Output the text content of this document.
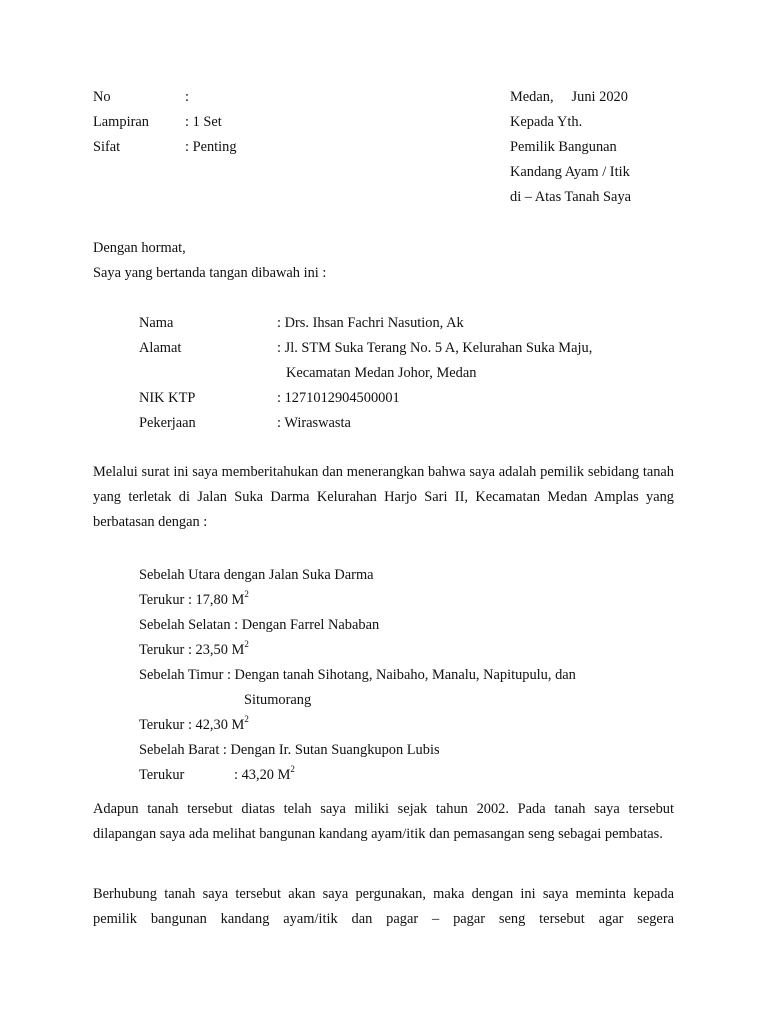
No	:
Lampiran	: 1 Set
Sifat	: Penting
Medan,     Juni 2020
Kepada Yth.
Pemilik Bangunan
Kandang Ayam / Itik
di – Atas Tanah Saya
Dengan hormat,
Saya yang bertanda tangan dibawah ini :
Nama	: Drs. Ihsan Fachri Nasution, Ak
Alamat	: Jl. STM Suka Terang No. 5 A, Kelurahan Suka Maju,
Kecamatan Medan Johor, Medan
NIK KTP	: 1271012904500001
Pekerjaan	: Wiraswasta
Melalui surat ini saya memberitahukan dan menerangkan bahwa saya adalah pemilik sebidang tanah yang terletak di Jalan Suka Darma Kelurahan Harjo Sari II, Kecamatan Medan Amplas yang berbatasan dengan :
Sebelah Utara dengan Jalan Suka Darma
Terukur : 17,80 $M^2$
Sebelah Selatan : Dengan Farrel Nababan
Terukur : 23,50 $M^2$
Sebelah Timur : Dengan tanah Sihotang, Naibaho, Manalu, Napitupulu, dan
Situmorang
Terukur : 42,30 $M^2$
Sebelah Barat : Dengan Ir. Sutan Suangkupon Lubis
Terukur	: 43,20 $M^2$
Adapun tanah tersebut diatas telah saya miliki sejak tahun 2002. Pada tanah saya tersebut dilapangan saya ada melihat bangunan kandang ayam/itik dan pemasangan seng sebagai pembatas.
Berhubung tanah saya tersebut akan saya pergunakan, maka dengan ini saya meminta kepada pemilik bangunan kandang ayam/itik dan pagar – pagar seng tersebut agar segera
